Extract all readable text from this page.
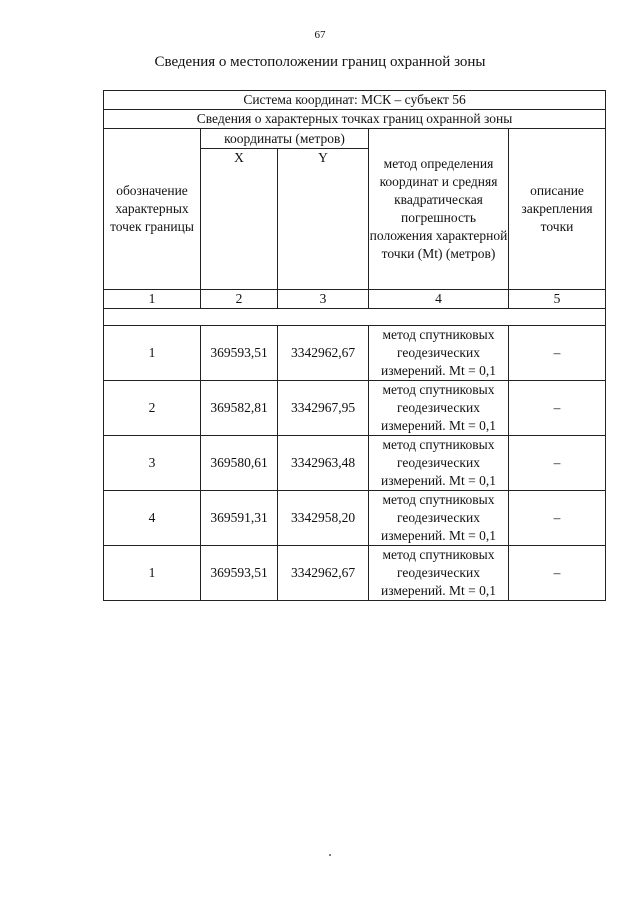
67
Сведения о местоположении границ охранной зоны
Система координат: МСК – субъект 56				
Сведения о характерных точках границ охранной зоны				
обозначение характерных точек границы	координаты (метров)		метод определения координат и средняя квадратическая погрешность положения характерной точки (Mt) (метров)	описание закрепления точки
	X	Y		
1	2	3	4	5

1	369593,51	3342962,67	метод спутниковых геодезических измерений. Mt = 0,1	–
2	369582,81	3342967,95	метод спутниковых геодезических измерений. Mt = 0,1	–
3	369580,61	3342963,48	метод спутниковых геодезических измерений. Mt = 0,1	–
4	369591,31	3342958,20	метод спутниковых геодезических измерений. Mt = 0,1	–
1	369593,51	3342962,67	метод спутниковых геодезических измерений. Mt = 0,1	–
